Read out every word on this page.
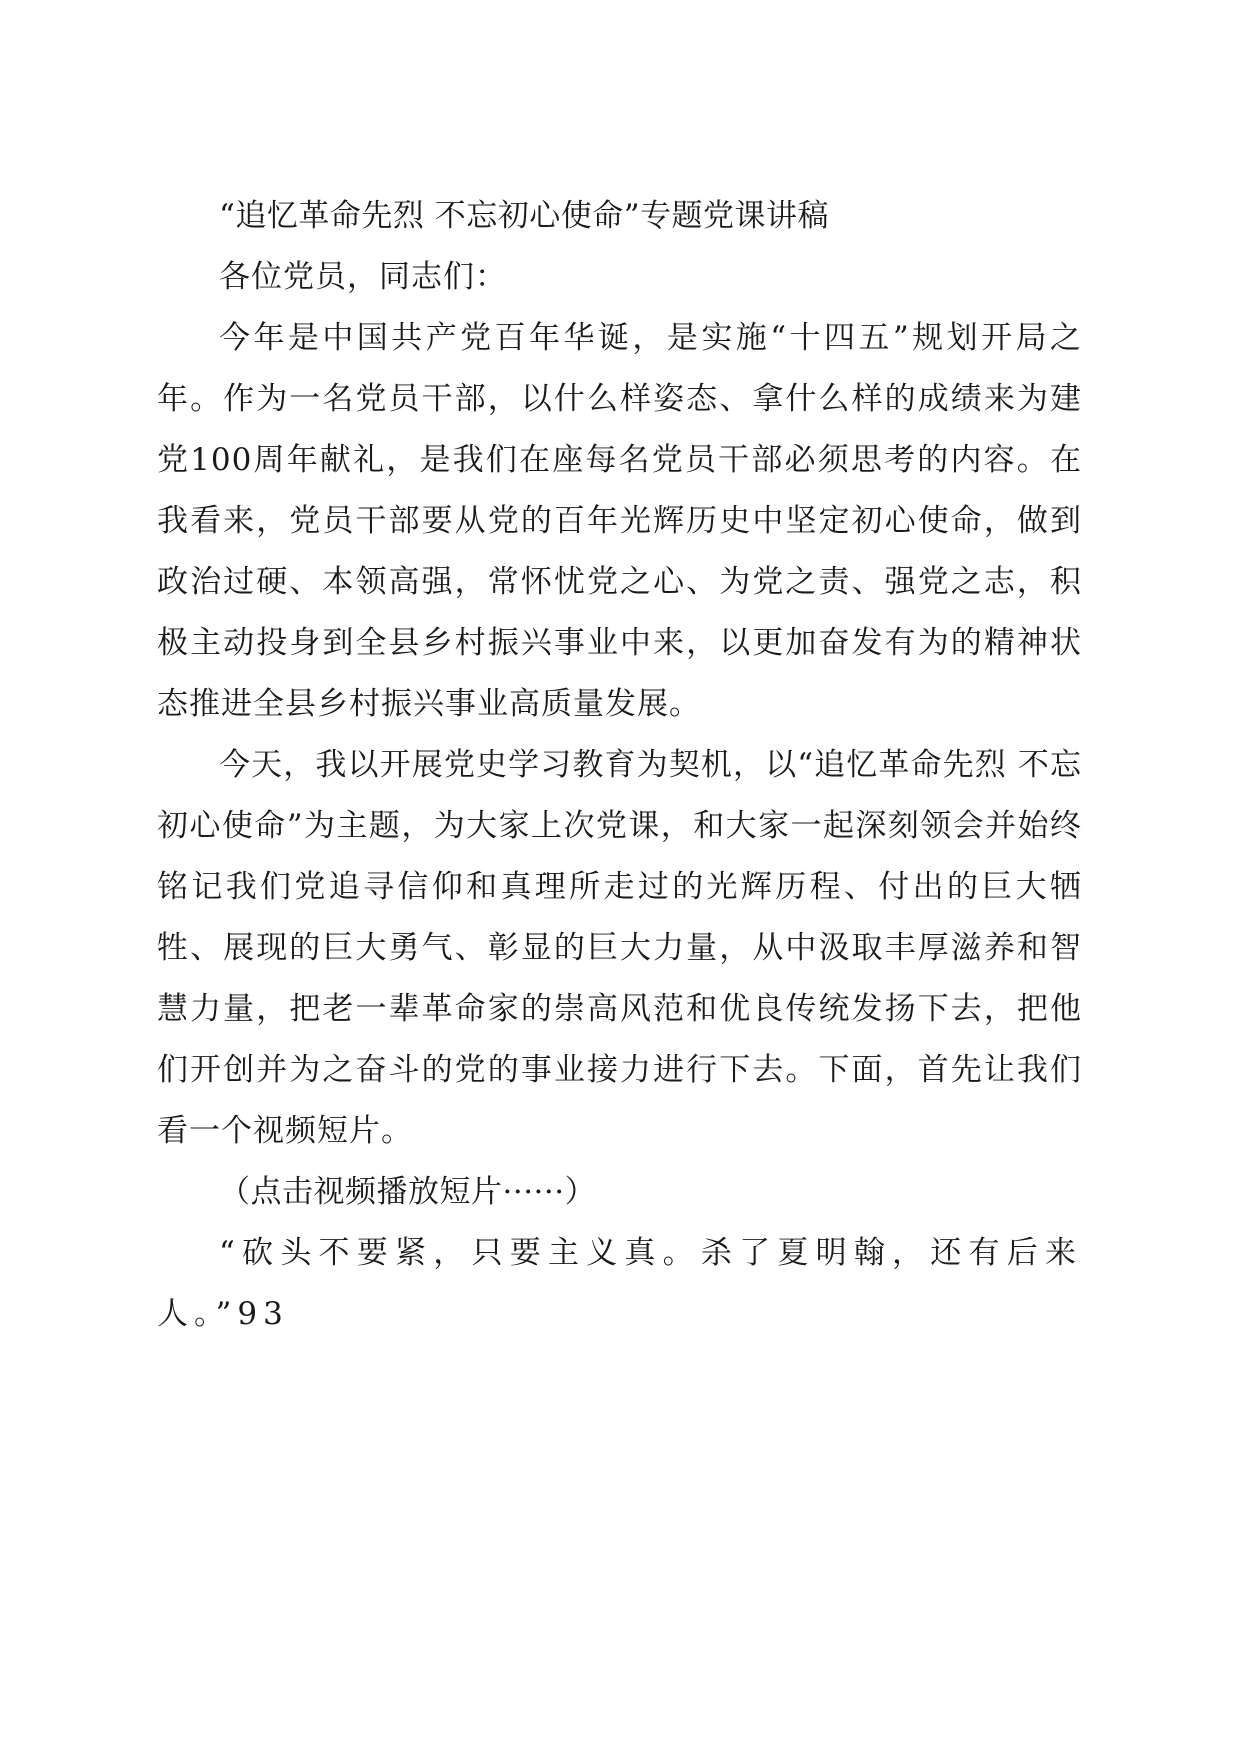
“追忆革命先烈 不忘初心使命”专题党课讲稿

各位党员，同志们：

今年是中国共产党百年华诞，是实施“十四五”规划开局之年。作为一名党员干部，以什么样姿态、拿什么样的成绩来为建党100周年献礼，是我们在座每名党员干部必须思考的内容。在我看来，党员干部要从党的百年光辉历史中坚定初心使命，做到政治过硬、本领高强，常怀忧党之心、为党之责、强党之志，积极主动投身到全县乡村振兴事业中来，以更加奋发有为的精神状态推进全县乡村振兴事业高质量发展。

今天，我以开展党史学习教育为契机，以“追忆革命先烈 不忘初心使命”为主题，为大家上次党课，和大家一起深刻领会并始终铭记我们党追寻信仰和真理所走过的光辉历程、付出的巨大牺牲、展现的巨大勇气、彰显的巨大力量，从中汲取丰厚滋养和智慧力量，把老一辈革命家的崇高风范和优良传统发扬下去，把他们开创并为之奋斗的党的事业接力进行下去。下面，首先让我们看一个视频短片。

（点击视频播放短片······）

“砍头不要紧，只要主义真。杀了夏明翰，还有后来人。”93
